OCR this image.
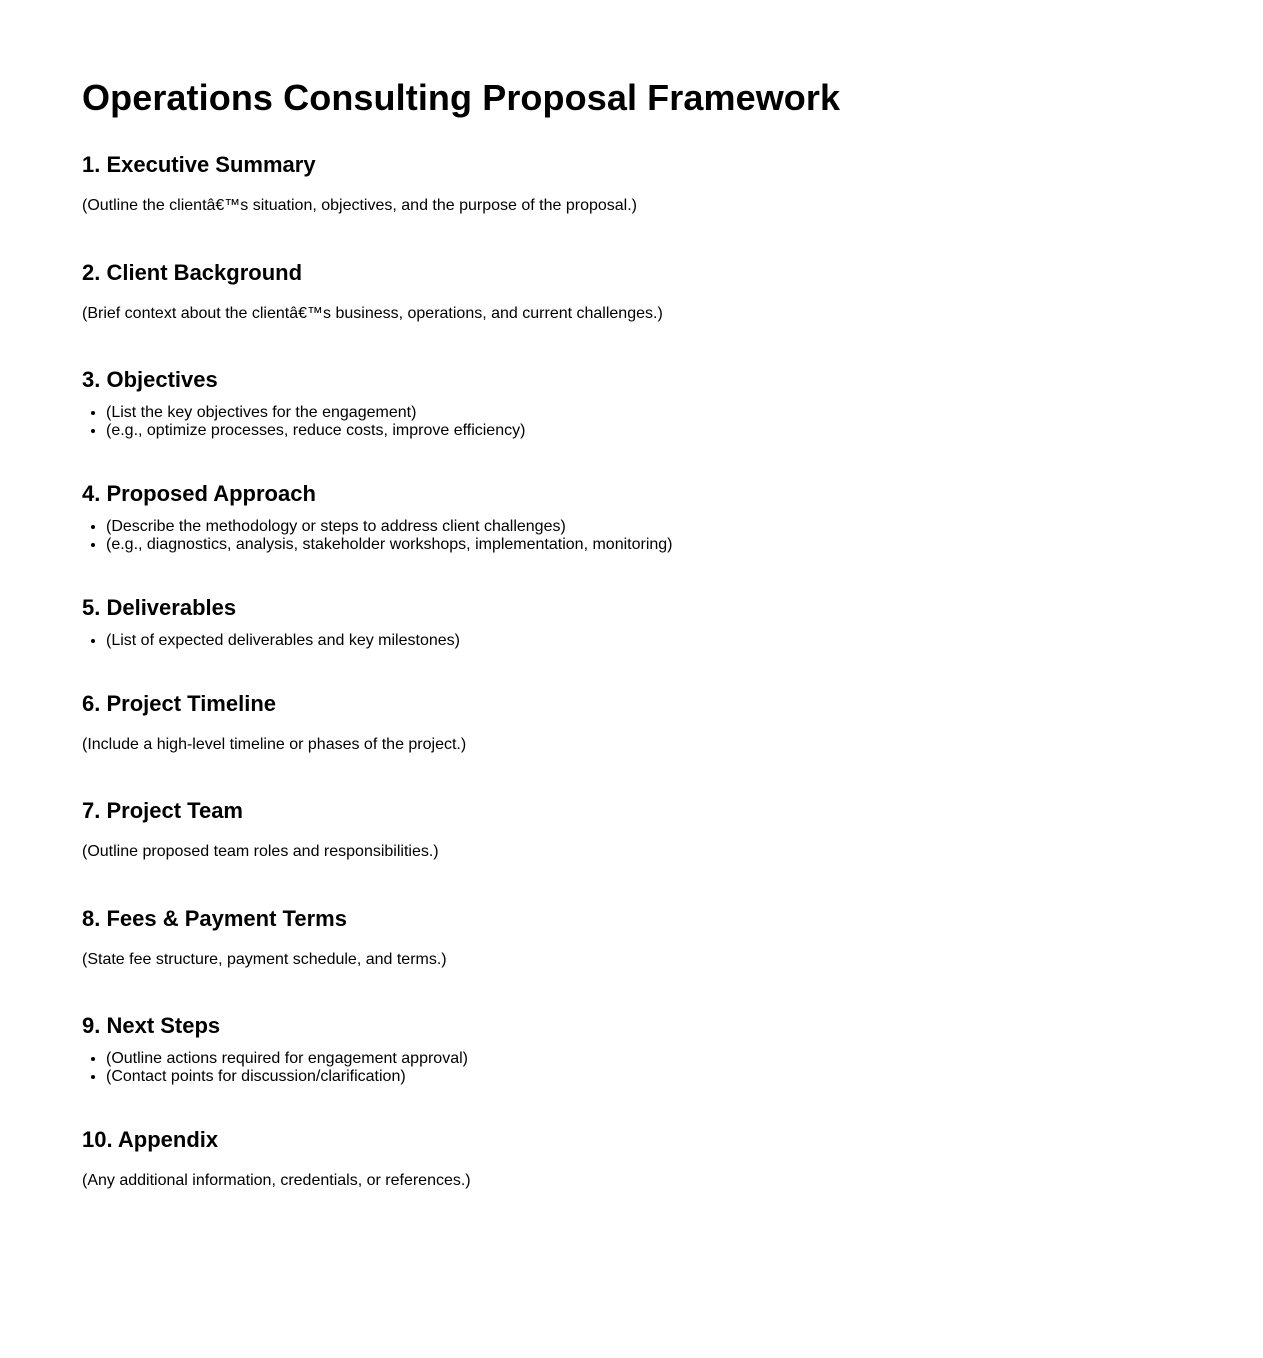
Operations Consulting Proposal Framework
1. Executive Summary

(Outline the clientâ€™s situation, objectives, and the purpose of the proposal.)

2. Client Background

(Brief context about the clientâ€™s business, operations, and current challenges.)

3. Objectives
• (List the key objectives for the engagement)
• (e.g., optimize processes, reduce costs, improve efficiency)
4. Proposed Approach
• (Describe the methodology or steps to address client challenges)
• (e.g., diagnostics, analysis, stakeholder workshops, implementation, monitoring)
5. Deliverables
• (List of expected deliverables and key milestones)
6. Project Timeline

(Include a high-level timeline or phases of the project.)

7. Project Team

(Outline proposed team roles and responsibilities.)

8. Fees & Payment Terms

(State fee structure, payment schedule, and terms.)

9. Next Steps
• (Outline actions required for engagement approval)
• (Contact points for discussion/clarification)
10. Appendix

(Any additional information, credentials, or references.)
